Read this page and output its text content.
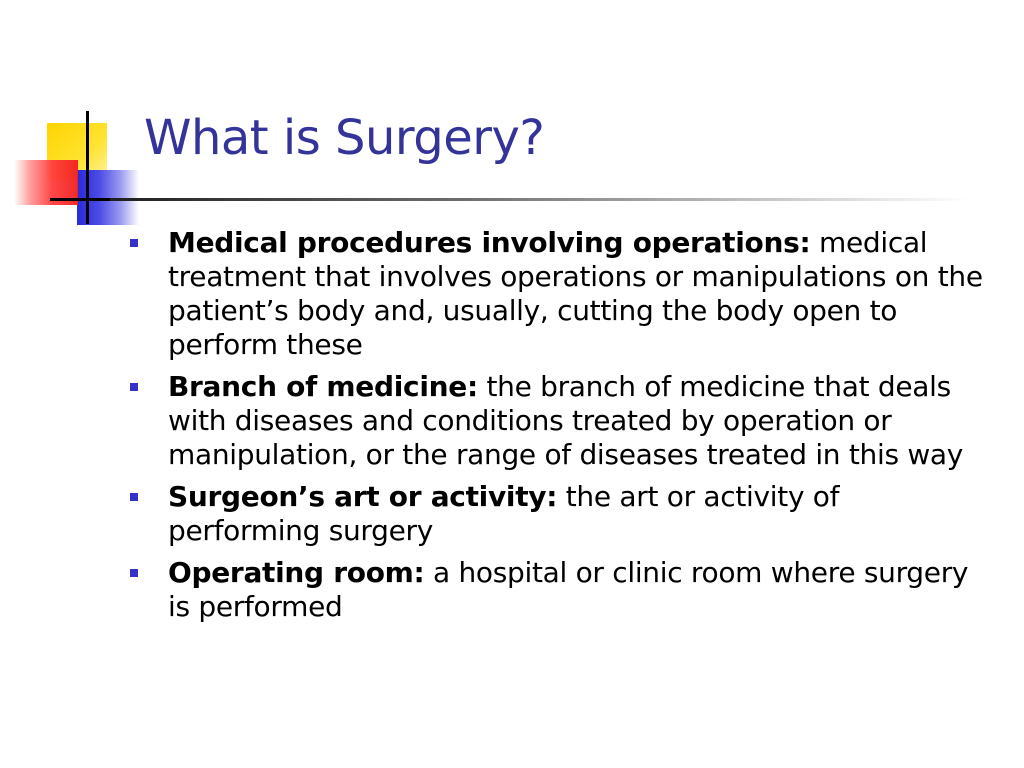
What is Surgery?
Medical procedures involving operations: medical treatment that involves operations or manipulations on the patient’s body and, usually, cutting the body open to perform these
Branch of medicine: the branch of medicine that deals with diseases and conditions treated by operation or manipulation, or the range of diseases treated in this way
Surgeon’s art or activity: the art or activity of performing surgery
Operating room: a hospital or clinic room where surgery is performed
